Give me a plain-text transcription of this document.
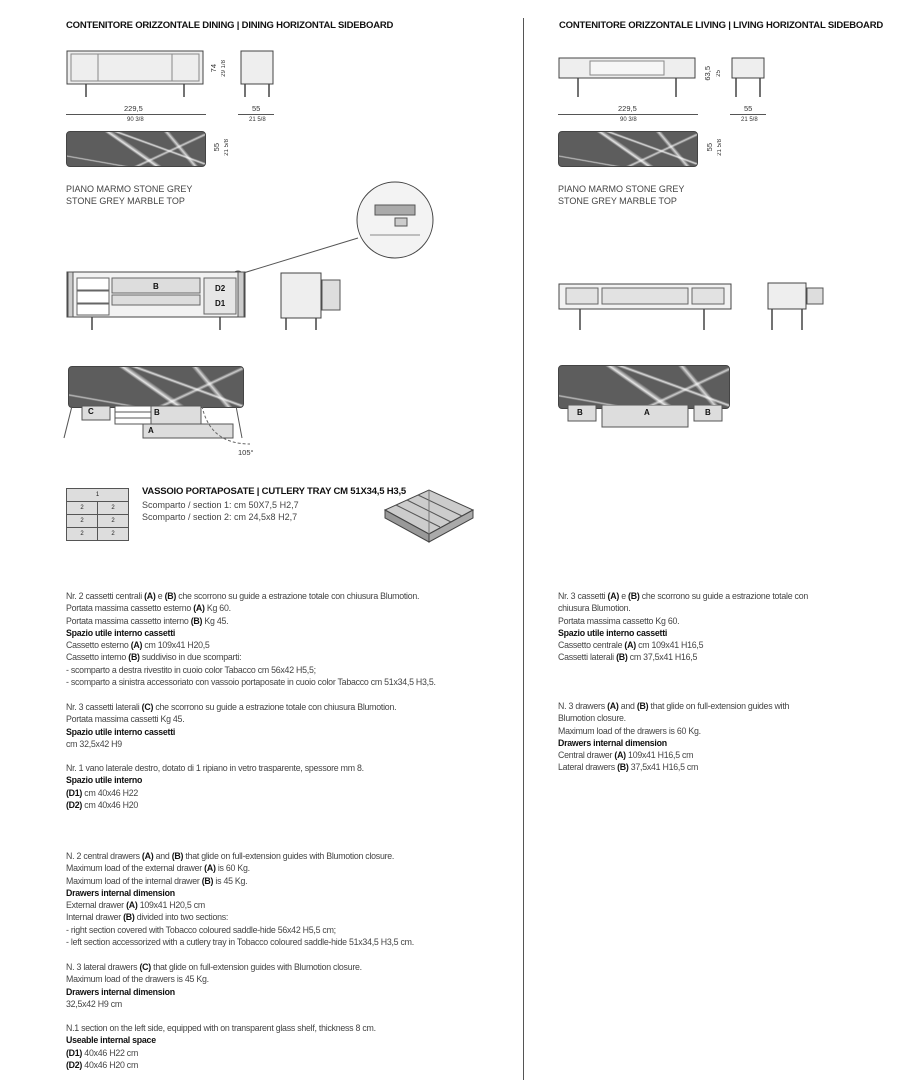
CONTENITORE ORIZZONTALE DINING | DINING HORIZONTAL SIDEBOARD
74 29 1/8
229,5
90 3/8
55
21 5/8
55 21 5/8
PIANO MARMO STONE GREY
STONE GREY MARBLE TOP
B	D2
D1
C	B
A
105°
1	
2	2
2	2
2	2
VASSOIO PORTAPOSATE | CUTLERY TRAY CM 51X34,5 H3,5
Scomparto / section 1: cm 50X7,5 H2,7
Scomparto / section 2: cm 24,5x8 H2,7
Nr. 2 cassetti centrali (A) e (B) che scorrono su guide a estrazione totale con chiusura Blumotion.
Portata massima cassetto esterno (A) Kg 60.
Portata massima cassetto interno (B) Kg 45.
Spazio utile interno cassetti
Cassetto esterno (A) cm 109x41 H20,5
Cassetto interno (B) suddiviso in due scomparti:
- scomparto a destra rivestito in cuoio color Tabacco cm 56x42 H5,5;
- scomparto a sinistra accessoriato con vassoio portaposate in cuoio color Tabacco cm 51x34,5 H3,5.
Nr. 3 cassetti laterali (C) che scorrono su guide a estrazione totale con chiusura Blumotion.
Portata massima cassetti Kg 45.
Spazio utile interno cassetti
cm 32,5x42 H9
Nr. 1 vano laterale destro, dotato di 1 ripiano in vetro trasparente, spessore mm 8.
Spazio utile interno
(D1) cm 40x46 H22
(D2) cm 40x46 H20
N. 2 central drawers (A) and (B) that glide on full-extension guides with Blumotion closure.
Maximum load of the external drawer (A) is 60 Kg.
Maximum load of the internal drawer (B) is 45 Kg.
Drawers internal dimension
External drawer (A) 109x41 H20,5 cm
Internal drawer (B) divided into two sections:
- right section covered with Tobacco coloured saddle-hide 56x42 H5,5 cm;
- left section accessorized with a cutlery tray in Tobacco coloured saddle-hide 51x34,5 H3,5 cm.
N. 3 lateral drawers (C) that glide on full-extension guides with Blumotion closure.
Maximum load of the drawers is 45 Kg.
Drawers internal dimension
32,5x42 H9 cm
N.1 section on the left side, equipped with on transparent glass shelf, thickness 8 cm.
Useable internal space
(D1) 40x46 H22 cm
(D2) 40x46 H20 cm
CONTENITORE ORIZZONTALE LIVING | LIVING HORIZONTAL SIDEBOARD
63,5 25
229,5
90 3/8
55
21 5/8
55 21 5/8
PIANO MARMO STONE GREY
STONE GREY MARBLE TOP
B	A	B
Nr. 3 cassetti (A) e (B) che scorrono su guide a estrazione totale con
chiusura Blumotion.
Portata massima cassetto Kg 60.
Spazio utile interno cassetti
Cassetto centrale (A) cm 109x41 H16,5
Cassetti laterali (B) cm 37,5x41 H16,5
N. 3 drawers (A) and (B) that glide on full-extension guides with
Blumotion closure.
Maximum load of the drawers is 60 Kg.
Drawers internal dimension
Central drawer (A) 109x41 H16,5 cm
Lateral drawers (B) 37,5x41 H16,5 cm
